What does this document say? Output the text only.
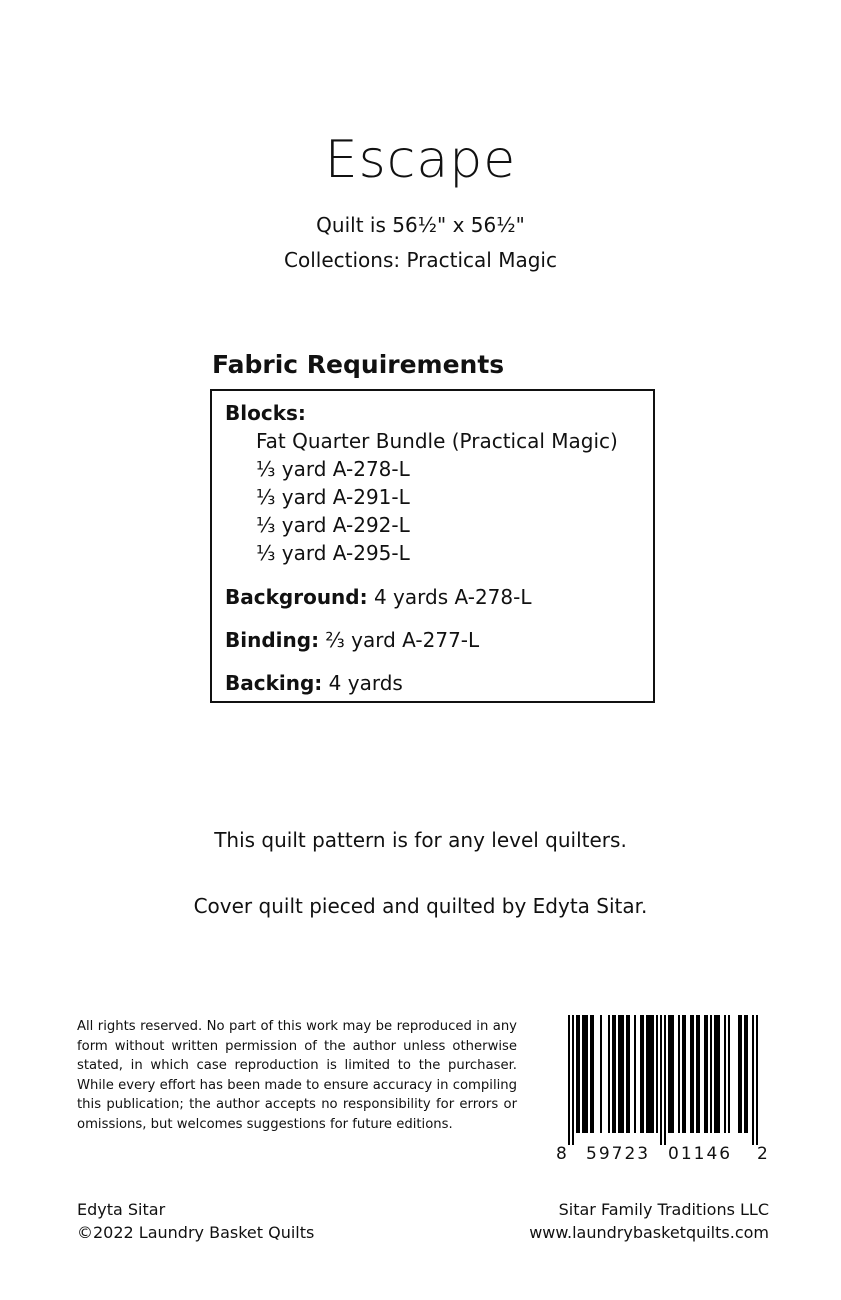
Escape
Quilt is 56½" x 56½"
Collections: Practical Magic
Fabric Requirements
Blocks:
Fat Quarter Bundle (Practical Magic)
⅓ yard A-278-L
⅓ yard A-291-L
⅓ yard A-292-L
⅓ yard A-295-L
Background: 4 yards A-278-L
Binding: ⅔ yard A-277-L
Backing: 4 yards
This quilt pattern is for any level quilters.
Cover quilt pieced and quilted by Edyta Sitar.
All rights reserved. No part of this work may be reproduced in any form without written permission of the author unless otherwise stated, in which case reproduction is limited to the purchaser. While every effort has been made to ensure accuracy in compiling this publication; the author accepts no responsibility for errors or omissions, but welcomes suggestions for future editions.
8 59723 01146 2
Edyta Sitar
©2022 Laundry Basket Quilts
Sitar Family Traditions LLC
www.laundrybasketquilts.com
